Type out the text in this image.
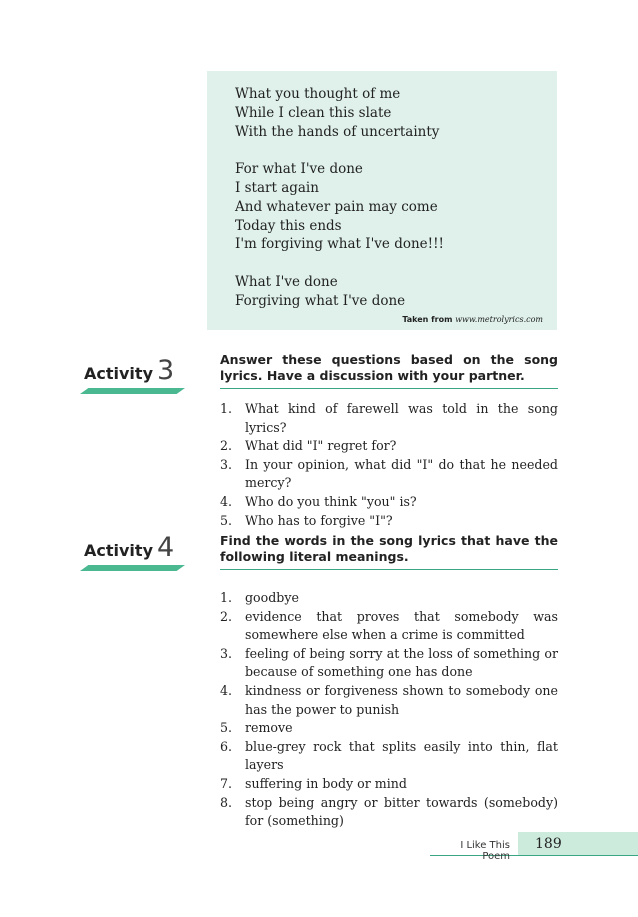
What you thought of me
While I clean this slate
With the hands of uncertainty
For what I've done
I start again
And whatever pain may come
Today this ends
I'm forgiving what I've done!!!
What I've done
Forgiving what I've done
Taken from www.metrolyrics.com
Activity 3	Answer these questions based on the song lyrics. Have a discussion with your partner.
1. What kind of farewell was told in the song lyrics?
2. What did "I" regret for?
3. In your opinion, what did "I" do that he needed mercy?
4. Who do you think "you" is?
5. Who has to forgive "I"?
Activity 4	Find the words in the song lyrics that have the following literal meanings.
1. goodbye
2. evidence that proves that somebody was somewhere else when a crime is committed
3. feeling of being sorry at the loss of something or because of something one has done
4. kindness or forgiveness shown to somebody one has the power to punish
5. remove
6. blue-grey rock that splits easily into thin, flat layers
7. suffering in body or mind
8. stop being angry or bitter towards (somebody) for (something)
I Like This Poem
189
